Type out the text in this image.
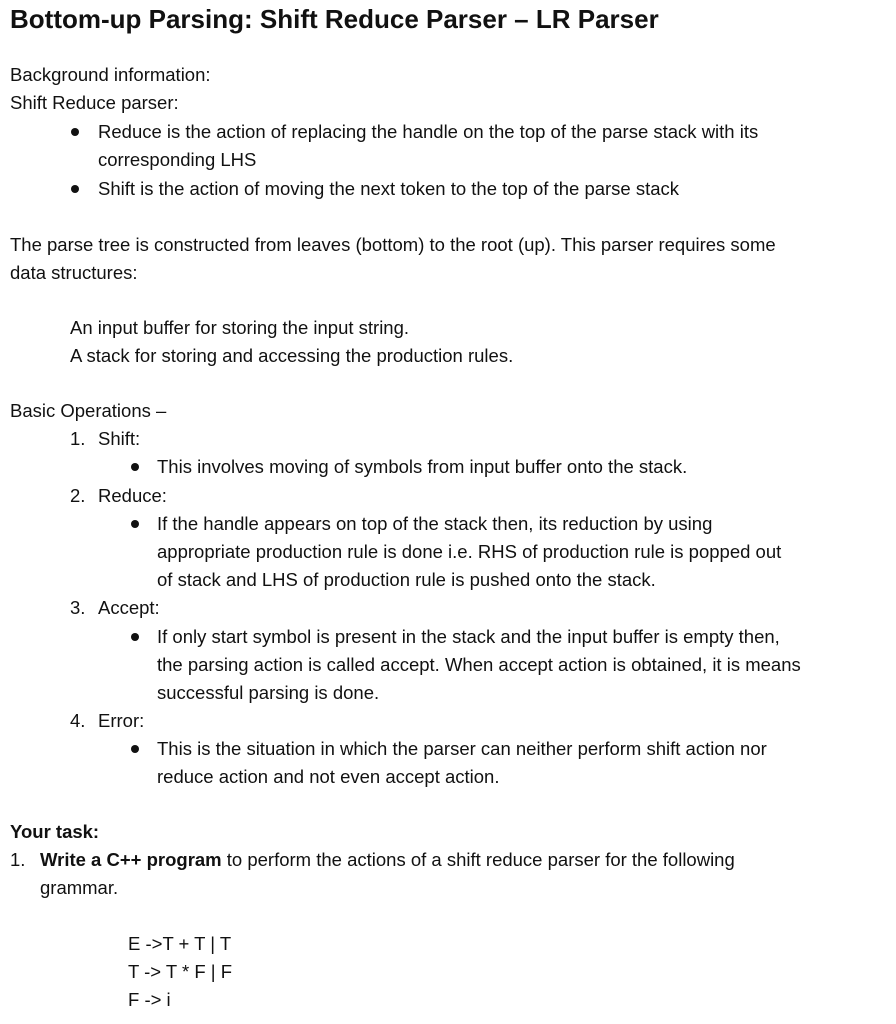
Bottom-up Parsing: Shift Reduce Parser – LR Parser
Background information:
Shift Reduce parser:
Reduce is the action of replacing the handle on the top of the parse stack with its
corresponding LHS
Shift is the action of moving the next token to the top of the parse stack
The parse tree is constructed from leaves (bottom) to the root (up). This parser requires some
data structures:
An input buffer for storing the input string.
A stack for storing and accessing the production rules.
Basic Operations –
1. Shift:
This involves moving of symbols from input buffer onto the stack.
2. Reduce:
If the handle appears on top of the stack then, its reduction by using
appropriate production rule is done i.e. RHS of production rule is popped out
of stack and LHS of production rule is pushed onto the stack.
3. Accept:
If only start symbol is present in the stack and the input buffer is empty then,
the parsing action is called accept. When accept action is obtained, it is means
successful parsing is done.
4. Error:
This is the situation in which the parser can neither perform shift action nor
reduce action and not even accept action.
Your task:
1. Write a C++ program to perform the actions of a shift reduce parser for the following
grammar.
E ->T + T | T
T -> T * F | F
F -> i
